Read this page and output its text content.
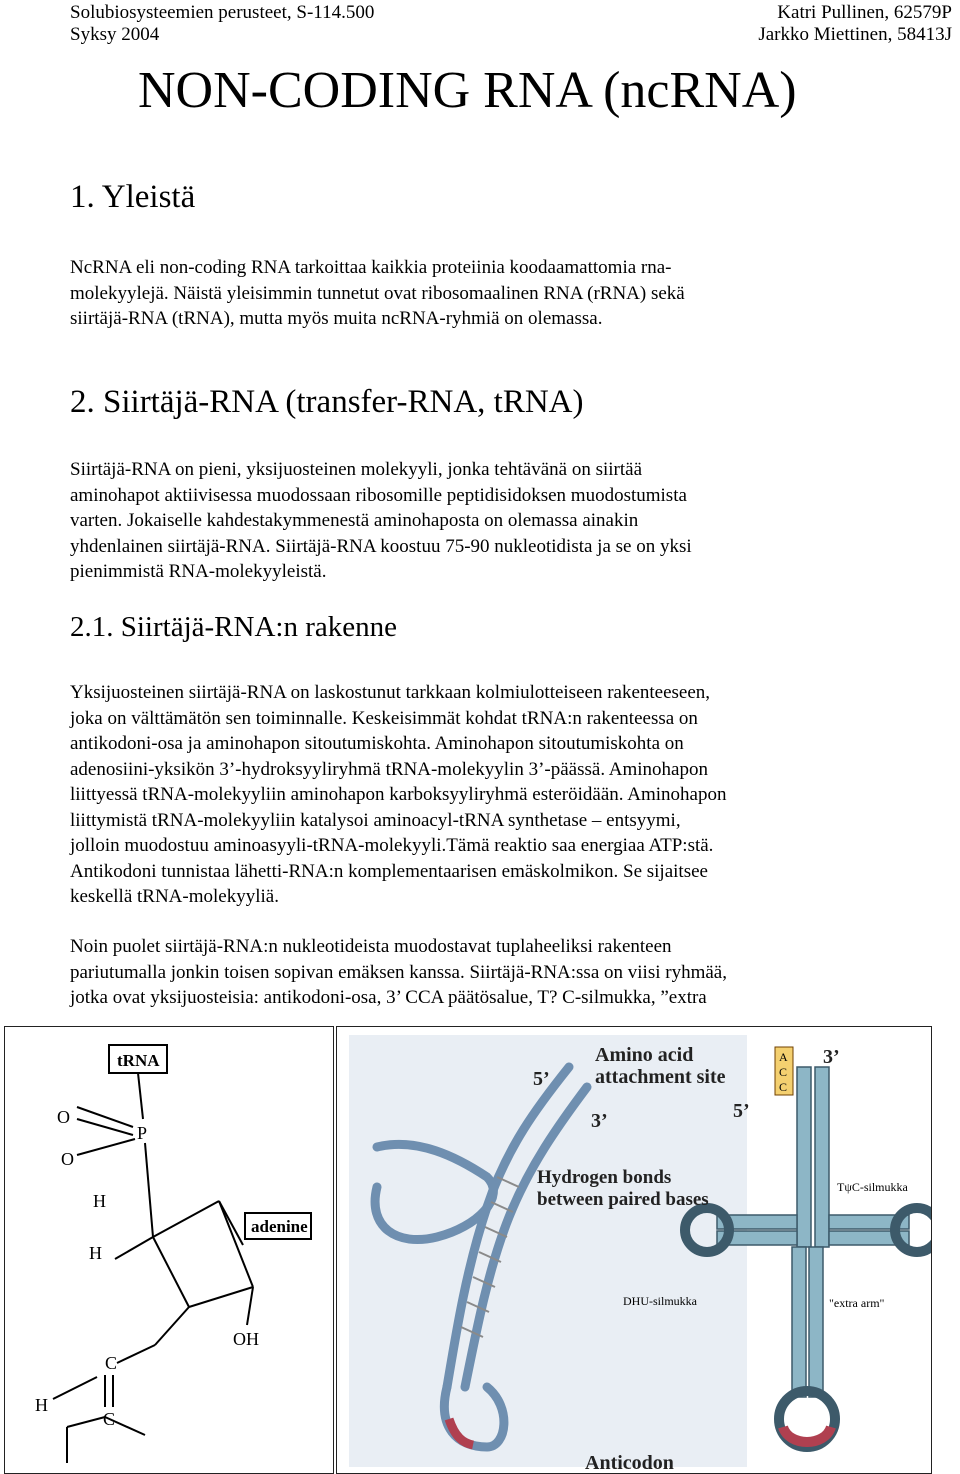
Solubiosysteemien perusteet, S-114.500
Syksy 2004
Katri Pullinen, 62579P
Jarkko Miettinen, 58413J
NON-CODING RNA (ncRNA)
1. Yleistä
NcRNA eli non-coding RNA tarkoittaa kaikkia proteiinia koodaamattomia rna-
molekyylejä. Näistä yleisimmin tunnetut ovat ribosomaalinen RNA (rRNA) sekä
siirtäjä-RNA (tRNA), mutta myös muita ncRNA-ryhmiä on olemassa.
2. Siirtäjä-RNA (transfer-RNA, tRNA)
Siirtäjä-RNA on pieni, yksijuosteinen molekyyli, jonka tehtävänä on siirtää
aminohapot aktiivisessa muodossaan ribosomille peptidisidoksen muodostumista
varten. Jokaiselle kahdestakymmenestä aminohaposta on olemassa ainakin
yhdenlainen siirtäjä-RNA. Siirtäjä-RNA koostuu 75-90 nukleotidista ja se on yksi
pienimmistä RNA-molekyyleistä.
2.1. Siirtäjä-RNA:n rakenne
Yksijuosteinen siirtäjä-RNA on laskostunut tarkkaan kolmiulotteiseen rakenteeseen,
joka on välttämätön sen toiminnalle. Keskeisimmät kohdat tRNA:n rakenteessa on
antikodoni-osa ja aminohapon sitoutumiskohta. Aminohapon sitoutumiskohta on
adenosiini-yksikön 3’-hydroksyyliryhmä tRNA-molekyylin 3’-päässä. Aminohapon
liittyessä tRNA-molekyyliin aminohapon karboksyyliryhmä esteröidään. Aminohapon
liittymistä tRNA-molekyyliin katalysoi aminoacyl-tRNA synthetase – entsyymi,
jolloin muodostuu aminoasyyli-tRNA-molekyyli.Tämä reaktio saa energiaa ATP:stä.
Antikodoni tunnistaa lähetti-RNA:n komplementaarisen emäskolmikon. Se sijaitsee
keskellä tRNA-molekyyliä.
Noin puolet siirtäjä-RNA:n nukleotideista muodostavat tuplaheeliksi rakenteen
pariutumalla jonkin toisen sopivan emäksen kanssa. Siirtäjä-RNA:ssa on viisi ryhmää,
jotka ovat yksijuosteisia: antikodoni-osa, 3’ CCA päätösalue, T? C-silmukka, ”extra
tRNA
O
O
P
H
H
adenine
OH
C
C
H
A
C
C
Amino acid
attachment site
3’
5’
3’	5’
Hydrogen bonds
between paired bases
TψC-silmukka
DHU-silmukka	"extra arm"
Anticodon
